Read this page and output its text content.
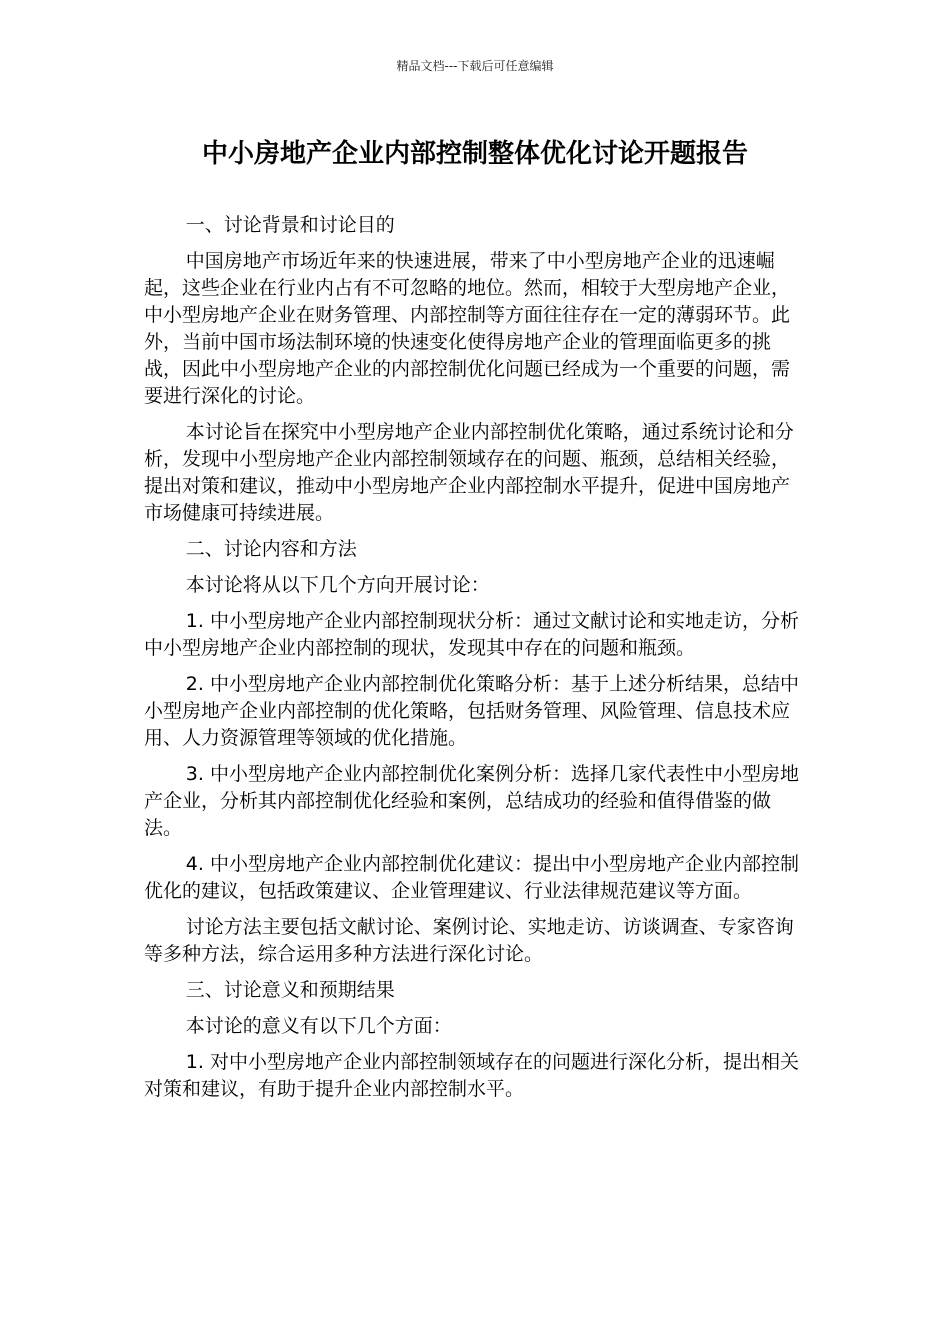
精品文档---下载后可任意编辑
中小房地产企业内部控制整体优化讨论开题报告

一、讨论背景和讨论目的

中国房地产市场近年来的快速进展，带来了中小型房地产企业的迅速崛起，这些企业在行业内占有不可忽略的地位。然而，相较于大型房地产企业，中小型房地产企业在财务管理、内部控制等方面往往存在一定的薄弱环节。此外，当前中国市场法制环境的快速变化使得房地产企业的管理面临更多的挑战，因此中小型房地产企业的内部控制优化问题已经成为一个重要的问题，需要进行深化的讨论。

本讨论旨在探究中小型房地产企业内部控制优化策略，通过系统讨论和分析，发现中小型房地产企业内部控制领域存在的问题、瓶颈，总结相关经验，提出对策和建议，推动中小型房地产企业内部控制水平提升，促进中国房地产市场健康可持续进展。

二、讨论内容和方法

本讨论将从以下几个方向开展讨论：

1. 中小型房地产企业内部控制现状分析：通过文献讨论和实地走访，分析中小型房地产企业内部控制的现状，发现其中存在的问题和瓶颈。

2. 中小型房地产企业内部控制优化策略分析：基于上述分析结果，总结中小型房地产企业内部控制的优化策略，包括财务管理、风险管理、信息技术应用、人力资源管理等领域的优化措施。

3. 中小型房地产企业内部控制优化案例分析：选择几家代表性中小型房地产企业，分析其内部控制优化经验和案例，总结成功的经验和值得借鉴的做法。

4. 中小型房地产企业内部控制优化建议：提出中小型房地产企业内部控制优化的建议，包括政策建议、企业管理建议、行业法律规范建议等方面。

讨论方法主要包括文献讨论、案例讨论、实地走访、访谈调查、专家咨询等多种方法，综合运用多种方法进行深化讨论。

三、讨论意义和预期结果

本讨论的意义有以下几个方面：

1. 对中小型房地产企业内部控制领域存在的问题进行深化分析，提出相关对策和建议，有助于提升企业内部控制水平。
